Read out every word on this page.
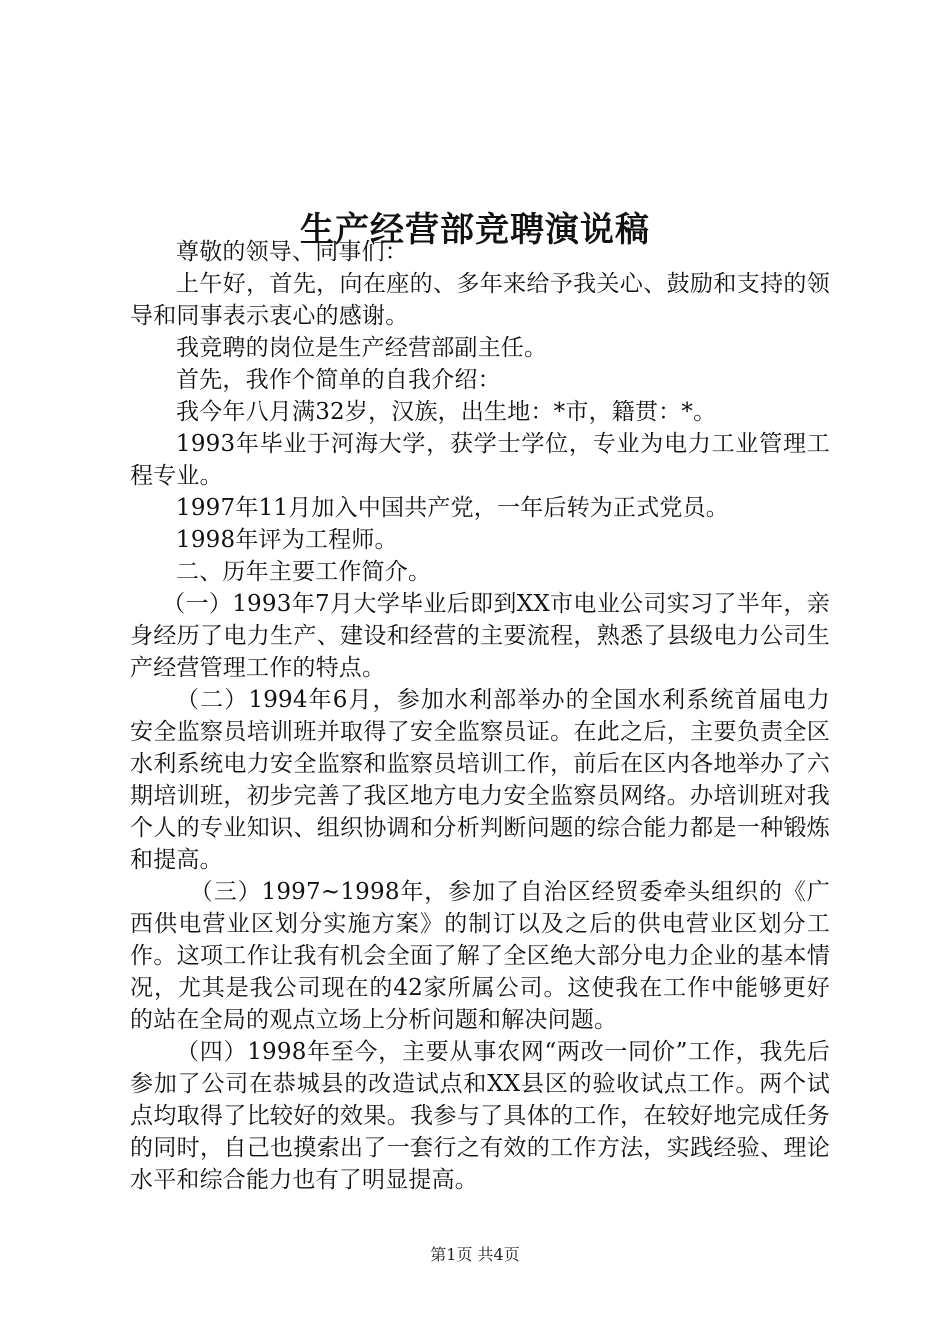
生产经营部竞聘演说稿

尊敬的领导、同事们：

上午好，首先，向在座的、多年来给予我关心、鼓励和支持的领导和同事表示衷心的感谢。

我竞聘的岗位是生产经营部副主任。

首先，我作个简单的自我介绍：

我今年八月满32岁，汉族，出生地：*市，籍贯：*。

1993年毕业于河海大学，获学士学位，专业为电力工业管理工程专业。

1997年11月加入中国共产党，一年后转为正式党员。

1998年评为工程师。

二、历年主要工作简介。

（一）1993年7月大学毕业后即到XX市电业公司实习了半年，亲身经历了电力生产、建设和经营的主要流程，熟悉了县级电力公司生产经营管理工作的特点。

（二）1994年6月，参加水利部举办的全国水利系统首届电力安全监察员培训班并取得了安全监察员证。在此之后，主要负责全区水利系统电力安全监察和监察员培训工作，前后在区内各地举办了六期培训班，初步完善了我区地方电力安全监察员网络。办培训班对我个人的专业知识、组织协调和分析判断问题的综合能力都是一种锻炼和提高。

（三）1997~1998年，参加了自治区经贸委牵头组织的《广西供电营业区划分实施方案》的制订以及之后的供电营业区划分工作。这项工作让我有机会全面了解了全区绝大部分电力企业的基本情况，尤其是我公司现在的42家所属公司。这使我在工作中能够更好的站在全局的观点立场上分析问题和解决问题。

（四）1998年至今，主要从事农网“两改一同价”工作，我先后参加了公司在恭城县的改造试点和XX县区的验收试点工作。两个试点均取得了比较好的效果。我参与了具体的工作，在较好地完成任务的同时，自己也摸索出了一套行之有效的工作方法，实践经验、理论水平和综合能力也有了明显提高。

第1页 共4页
